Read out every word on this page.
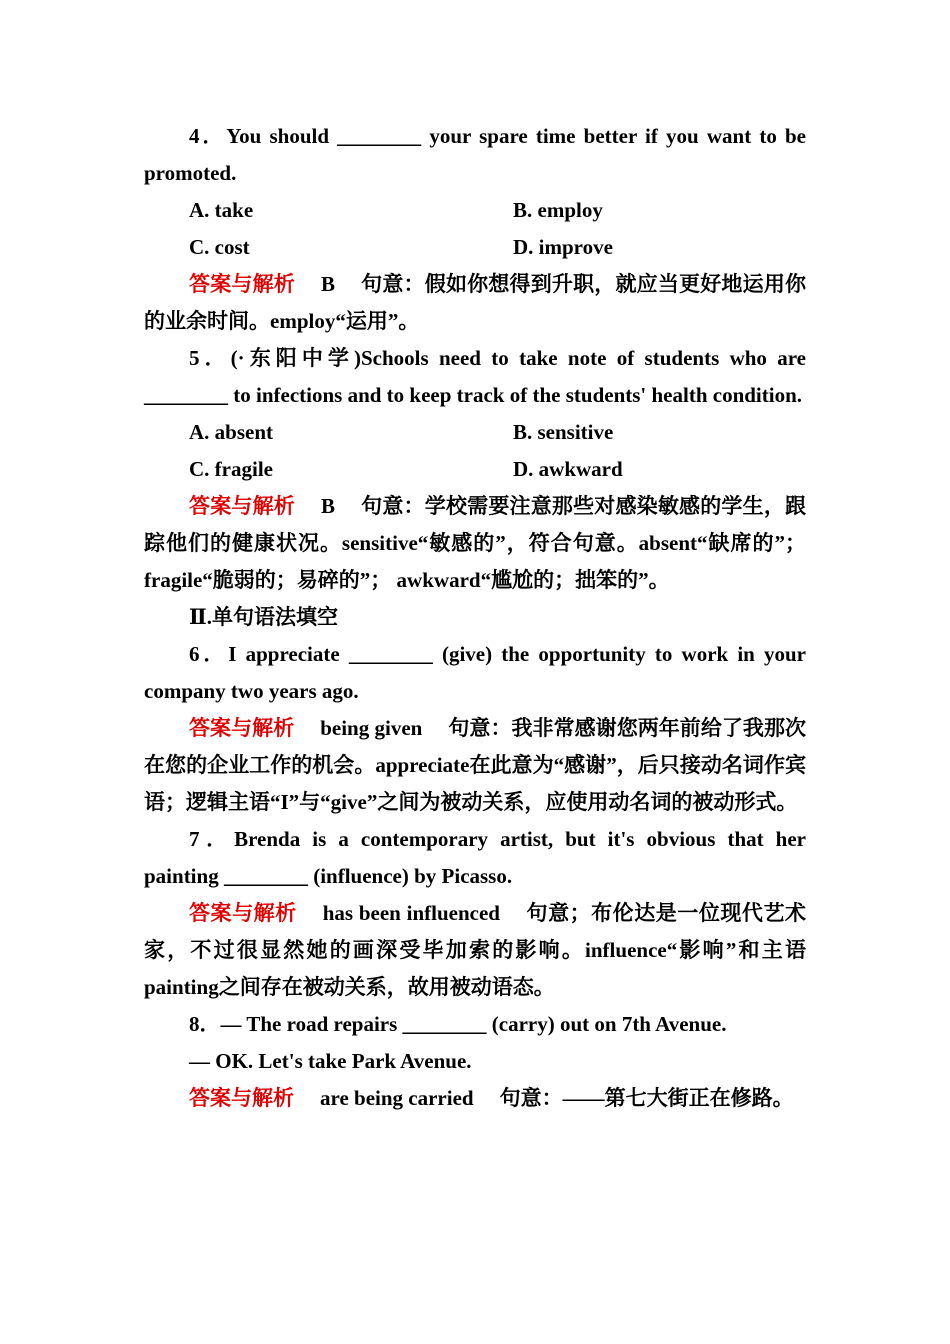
4．You should ________ your spare time better if you want to be promoted.

A. take	B. employ
C. cost	D. improve

答案与解析 B 句意：假如你想得到升职，就应当更好地运用你的业余时间。employ“运用”。

5．(·东阳中学)Schools need to take note of students who are ________ to infections and to keep track of the students' health condition.

A. absent	B. sensitive
C. fragile	D. awkward

答案与解析 B 句意：学校需要注意那些对感染敏感的学生，跟踪他们的健康状况。sensitive“敏感的”，符合句意。absent“缺席的”； fragile“脆弱的；易碎的”； awkward“尴尬的；拙笨的”。

Ⅱ.单句语法填空

6．I appreciate ________ (give) the opportunity to work in your company two years ago.

答案与解析 being given 句意：我非常感谢您两年前给了我那次在您的企业工作的机会。appreciate在此意为“感谢”，后只接动名词作宾语；逻辑主语“I”与“give”之间为被动关系，应使用动名词的被动形式。

7．Brenda is a contemporary artist, but it's obvious that her painting ________ (influence) by Picasso.

答案与解析 has been influenced 句意；布伦达是一位现代艺术家，不过很显然她的画深受毕加索的影响。influence“影响”和主语painting之间存在被动关系，故用被动语态。

8．— The road repairs ________ (carry) out on 7th Avenue.

— OK. Let's take Park Avenue.

答案与解析 are being carried 句意：——第七大街正在修路。
